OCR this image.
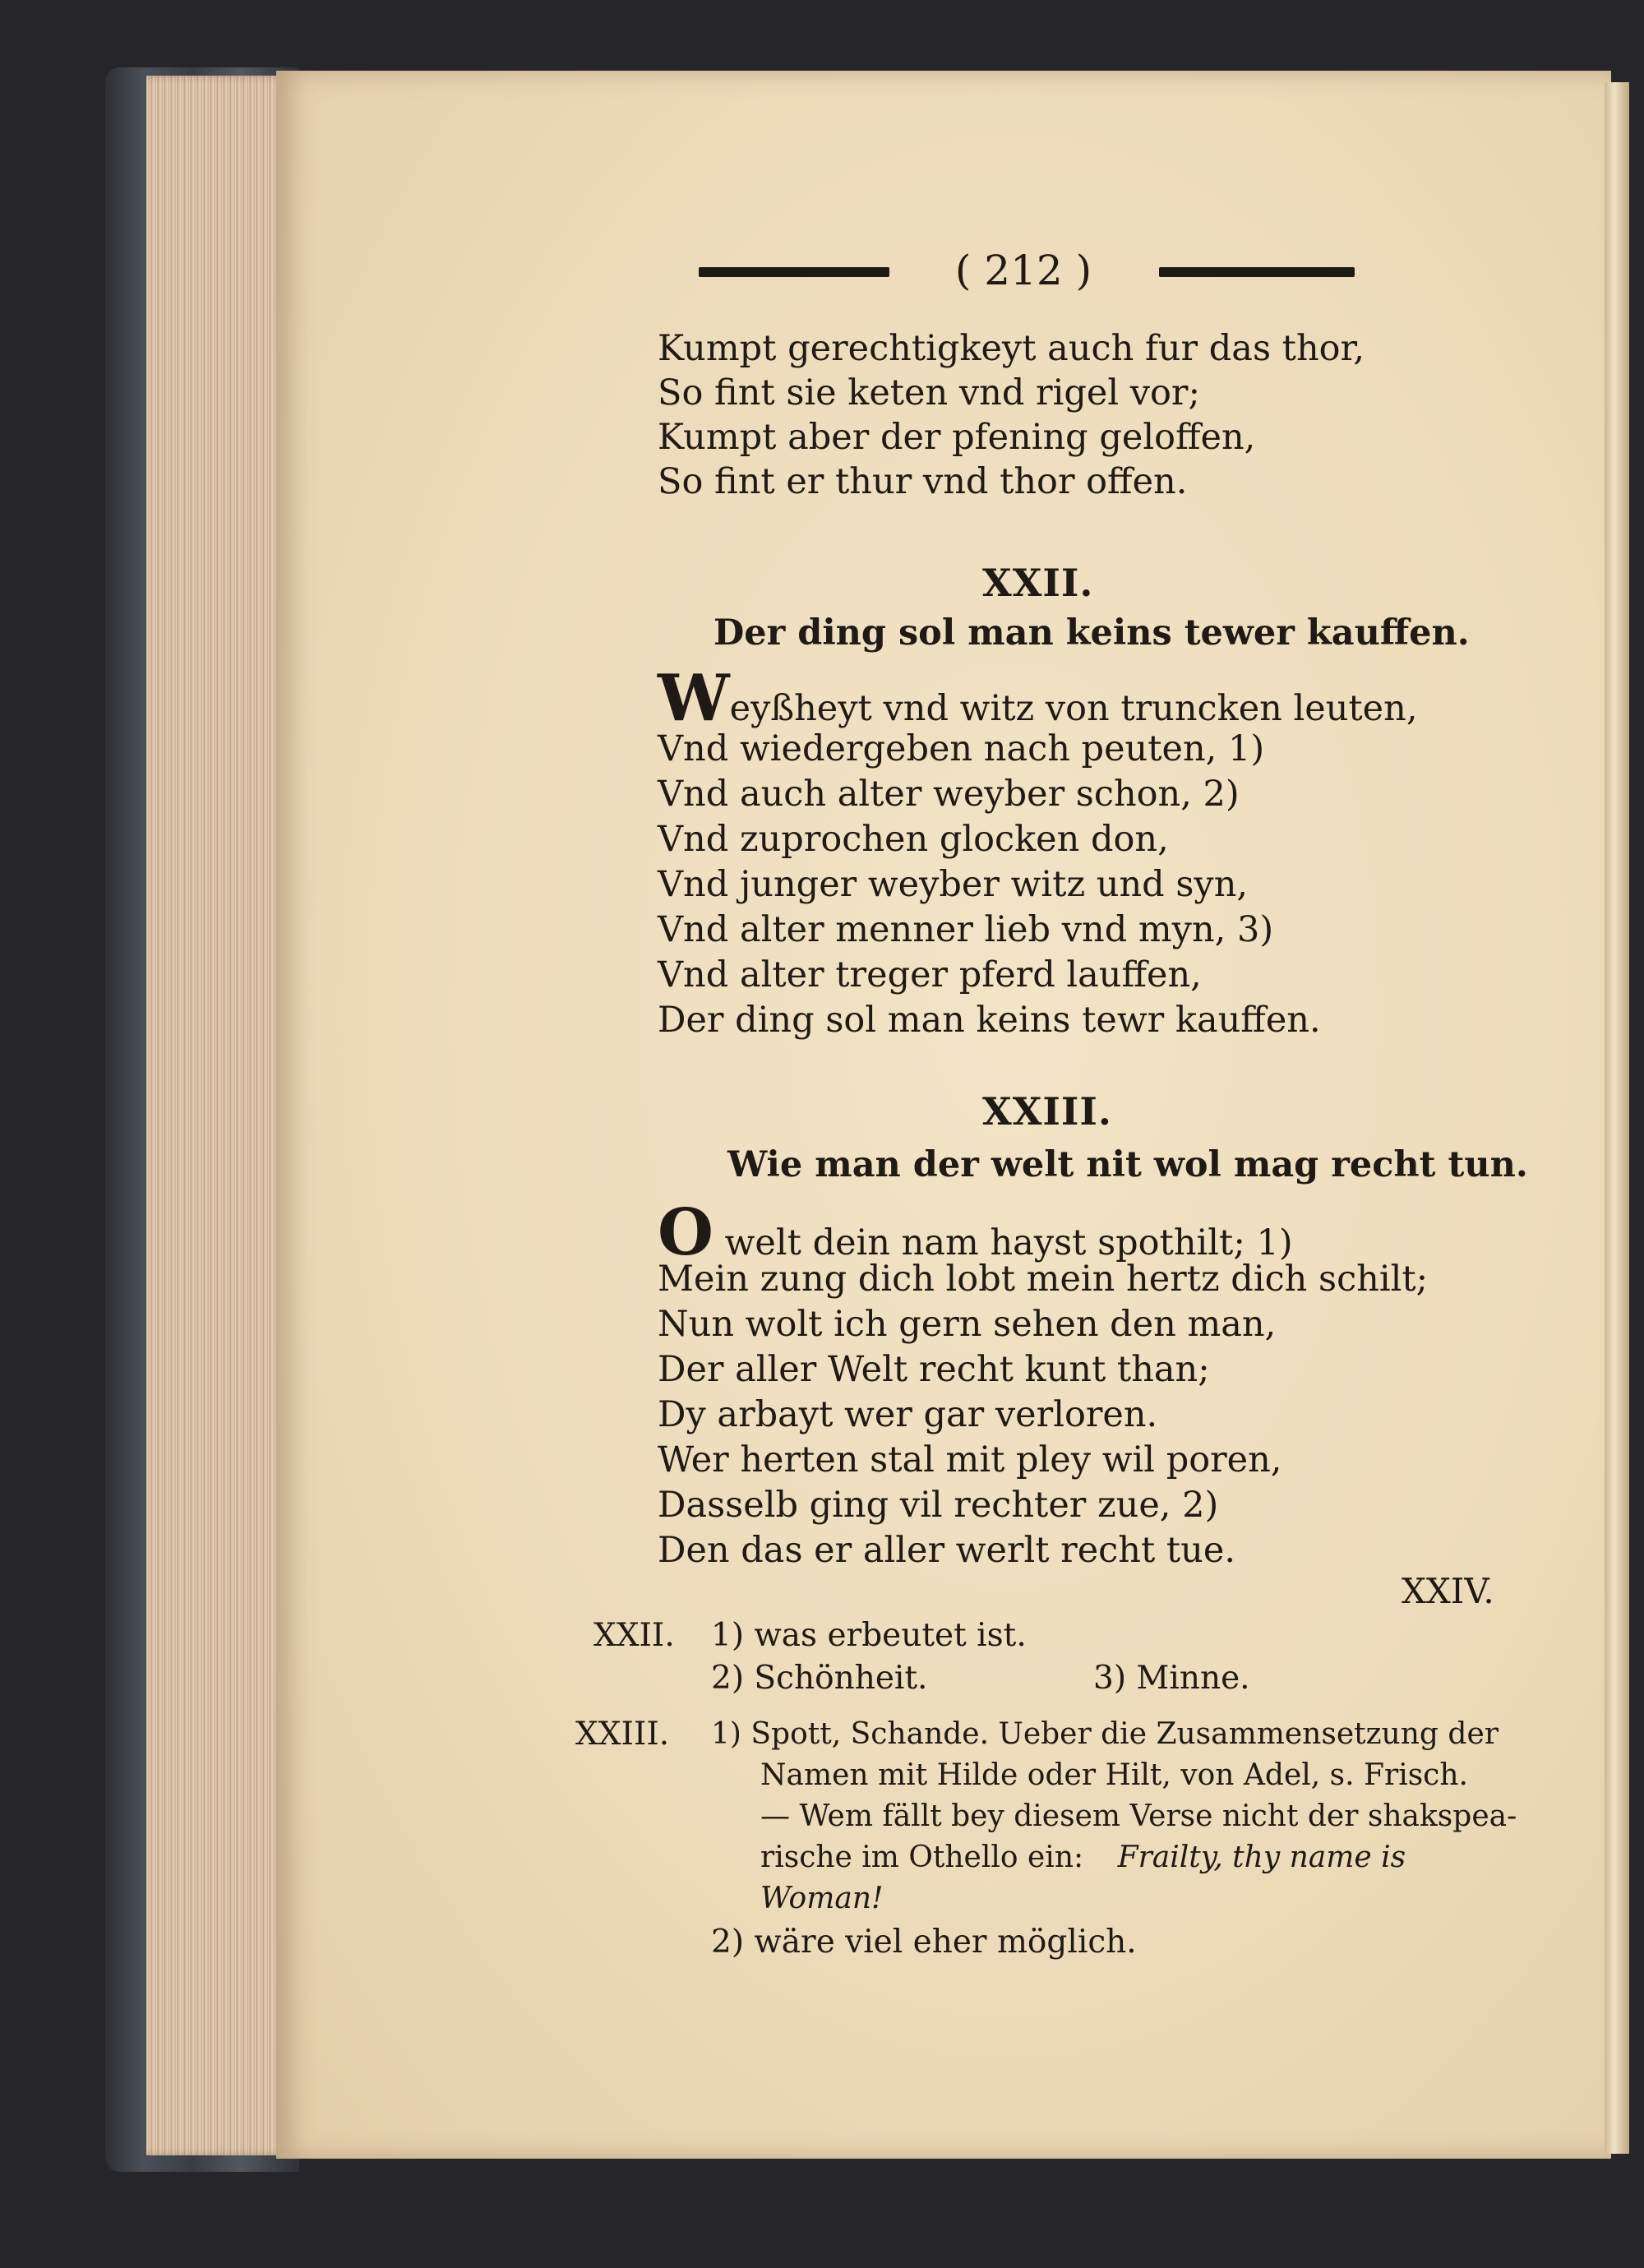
( 212 )
Kumpt gerechtigkeyt auch fur das thor,
So fint sie keten vnd rigel vor;
Kumpt aber der pfening geloffen,
So fint er thur vnd thor offen.
XXII.
Der ding sol man keins tewer kauffen.
Weyßheyt vnd witz von truncken leuten,
Vnd wiedergeben nach peuten, 1)
Vnd auch alter weyber schon, 2)
Vnd zuprochen glocken don,
Vnd junger weyber witz und syn,
Vnd alter menner lieb vnd myn, 3)
Vnd alter treger pferd lauffen,
Der ding sol man keins tewr kauffen.
XXIII.
Wie man der welt nit wol mag recht tun.
O welt dein nam hayst spothilt; 1)
Mein zung dich lobt mein hertz dich schilt;
Nun wolt ich gern sehen den man,
Der aller Welt recht kunt than;
Dy arbayt wer gar verloren.
Wer herten stal mit pley wil poren,
Dasselb ging vil rechter zue, 2)
Den das er aller werlt recht tue.
XXIV.
XXII. 1) was erbeutet ist.
2) Schönheit.	3) Minne.
XXIII. 1) Spott, Schande. Ueber die Zusammensetzung der
Namen mit Hilde oder Hilt, von Adel, s. Frisch.
— Wem fällt bey diesem Verse nicht der shakspea-
rische im Othello ein: Frailty, thy name is
Woman!
2) wäre viel eher möglich.
